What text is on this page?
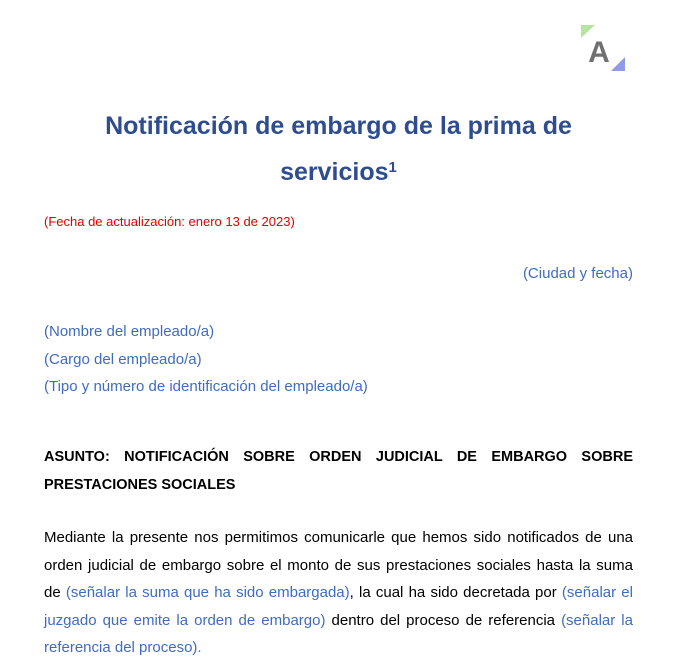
A
Notificación de embargo de la prima de servicios$^1$
(Fecha de actualización: enero 13 de 2023)
(Ciudad y fecha)
(Nombre del empleado/a)
(Cargo del empleado/a)
(Tipo y número de identificación del empleado/a)

ASUNTO: NOTIFICACIÓN SOBRE ORDEN JUDICIAL DE EMBARGO SOBRE PRESTACIONES SOCIALES

Mediante la presente nos permitimos comunicarle que hemos sido notificados de una orden judicial de embargo sobre el monto de sus prestaciones sociales hasta la suma de (señalar la suma que ha sido embargada), la cual ha sido decretada por (señalar el juzgado que emite la orden de embargo) dentro del proceso de referencia (señalar la referencia del proceso).
